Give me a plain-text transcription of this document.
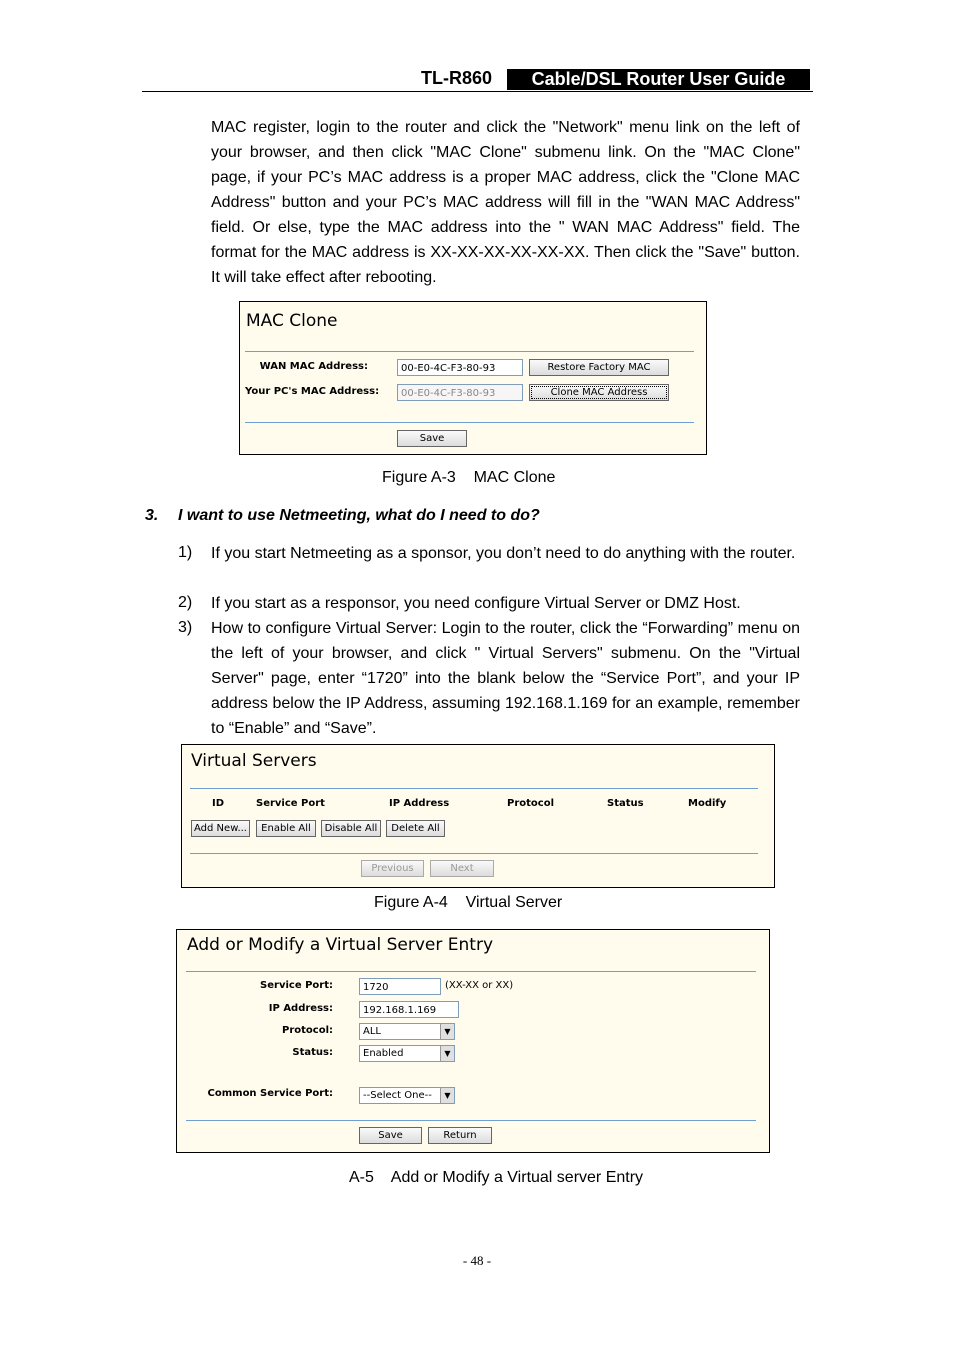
TL-R860	Cable/DSL Router User Guide
MAC register, login to the router and click the "Network" menu link on the left of your browser, and then click "MAC Clone" submenu link. On the "MAC Clone" page, if your PC’s MAC address is a proper MAC address, click the "Clone MAC Address" button and your PC’s MAC address will fill in the "WAN MAC Address" field. Or else, type the MAC address into the " WAN MAC Address" field. The format for the MAC address is XX-XX-XX-XX-XX-XX. Then click the "Save" button. It will take effect after rebooting.
MAC Clone
WAN MAC Address:	00-E0-4C-F3-80-93	Restore Factory MAC
Your PC's MAC Address:	00-E0-4C-F3-80-93	Clone MAC Address
Save
Figure A-3    MAC Clone
3. I want to use Netmeeting, what do I need to do?
1) If you start Netmeeting as a sponsor, you don’t need to do anything with the router.
2) If you start as a responsor, you need configure Virtual Server or DMZ Host.
3) How to configure Virtual Server: Login to the router, click the “Forwarding” menu on the left of your browser, and click " Virtual Servers" submenu. On the "Virtual Server" page, enter “1720” into the blank below the “Service Port”, and your IP address below the IP Address, assuming 192.168.1.169 for an example, remember to “Enable” and “Save”.
Virtual Servers
ID	Service Port	IP Address	Protocol	Status	Modify
Add New...	Enable All	Disable All	Delete All
Previous	Next
Figure A-4    Virtual Server
Add or Modify a Virtual Server Entry
Service Port:	1720	(XX-XX or XX)
IP Address:	192.168.1.169
Protocol:	ALL	▼
Status:	Enabled	▼
Common Service Port:	--Select One--	▼
Save	Return
A-5    Add or Modify a Virtual server Entry
- 48 -
